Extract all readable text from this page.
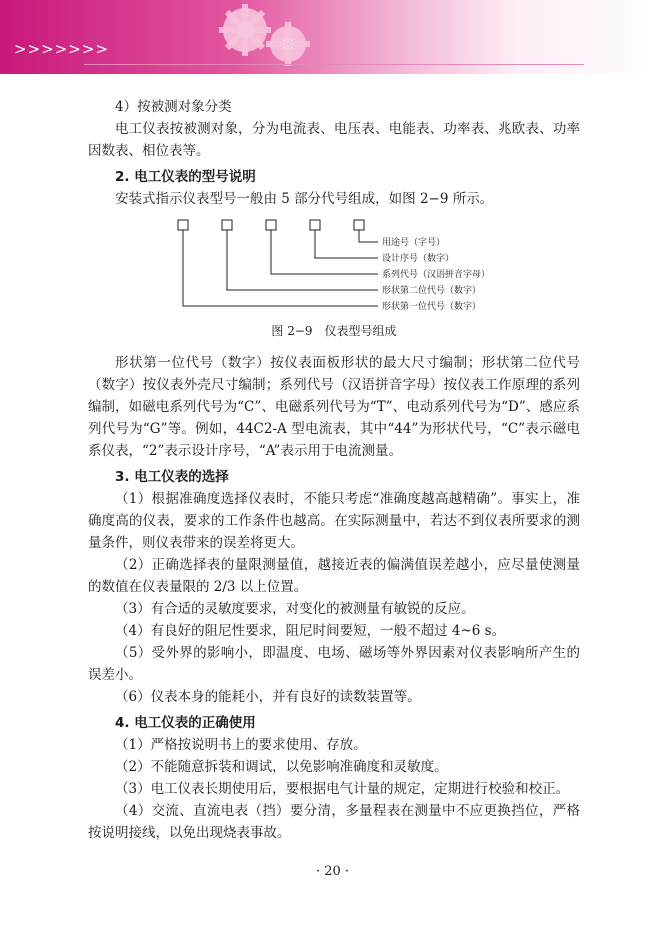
>>>>>>>

4）按被测对象分类

电工仪表按被测对象，分为电流表、电压表、电能表、功率表、兆欧表、功率因数表、相位表等。

2. 电工仪表的型号说明

安装式指示仪表型号一般由 5 部分代号组成，如图 2−9 所示。

用途号（字号）
设计序号（数字）
系列代号（汉语拼音字母）
形状第二位代号（数字）
形状第一位代号（数字）

图 2−9　仪表型号组成

形状第一位代号（数字）按仪表面板形状的最大尺寸编制；形状第二位代号（数字）按仪表外壳尺寸编制；系列代号（汉语拼音字母）按仪表工作原理的系列编制，如磁电系列代号为“C”、电磁系列代号为“T”、电动系列代号为“D”、感应系列代号为“G”等。例如，44C2-A 型电流表，其中“44”为形状代号，“C”表示磁电系仪表，“2”表示设计序号，“A”表示用于电流测量。

3. 电工仪表的选择

（1）根据准确度选择仪表时，不能只考虑“准确度越高越精确”。事实上，准确度高的仪表，要求的工作条件也越高。在实际测量中，若达不到仪表所要求的测量条件，则仪表带来的误差将更大。

（2）正确选择表的量限测量值，越接近表的偏满值误差越小，应尽量使测量的数值在仪表量限的 2/3 以上位置。

（3）有合适的灵敏度要求，对变化的被测量有敏锐的反应。

（4）有良好的阻尼性要求，阻尼时间要短，一般不超过 4~6 s。

（5）受外界的影响小，即温度、电场、磁场等外界因素对仪表影响所产生的误差小。

（6）仪表本身的能耗小，并有良好的读数装置等。

4. 电工仪表的正确使用

（1）严格按说明书上的要求使用、存放。

（2）不能随意拆装和调试，以免影响准确度和灵敏度。

（3）电工仪表长期使用后，要根据电气计量的规定，定期进行校验和校正。

（4）交流、直流电表（挡）要分清，多量程表在测量中不应更换挡位，严格按说明接线，以免出现烧表事故。

· 20 ·
